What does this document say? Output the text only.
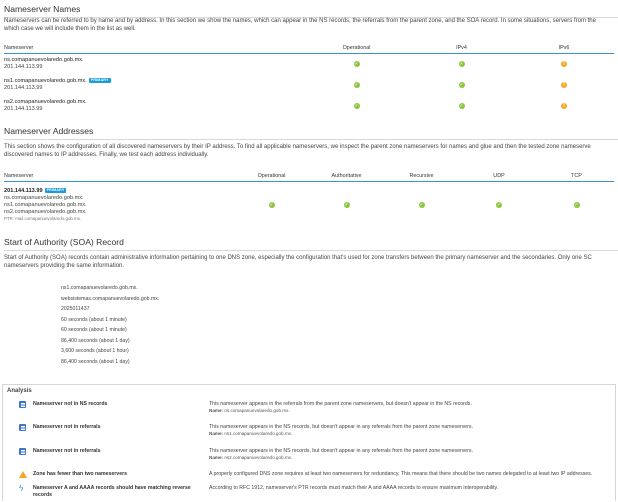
Nameserver Names
Nameservers can be referred to by name and by address. In this section we show the names, which can appear in the NS records, the referrals from the parent zone, and the SOA record. In some situations, servers from the
which case we will include them in the list as well.
Nameserver	Operational	IPv4	IPv6

ns.comapanuevolaredo.gob.mx.
201.144.113.99	✓	✓	!

ns1.comapanuevolaredo.gob.mx. PRIMARY
201.144.113.99	✓	✓	!

ns2.comapanuevolaredo.gob.mx.
201.144.113.99	✓	✓	!
Nameserver Addresses
This section shows the configuration of all discovered nameservers by their IP address. To find all applicable nameservers, we inspect the parent zone nameservers for names and glue and then the tested zone nameserve
discovered names to IP addresses. Finally, we test each address individually.
Nameserver	Operational	Authoritative	Recursive	UDP	TCP

201.144.113.99 PRIMARY
ns.comapanuevolaredo.gob.mx.
ns1.comapanuevolaredo.gob.mx.
ns2.comapanuevolaredo.gob.mx.
PTR: mail.comapanuevolaredo.gob.mx.	✓	✓	✓	✓	✓
Start of Authority (SOA) Record
Start of Authority (SOA) records contain administrative information pertaining to one DNS zone, especially the configuration that's used for zone transfers between the primary nameserver and the secondaries. Only one SC
nameservers providing the same information.
ns1.comapanuevolaredo.gob.mx.
websistemas.comapanuevolaredo.gob.mx.
2025011437
60 seconds (about 1 minute)
60 seconds (about 1 minute)
86,400 seconds (about 1 day)
3,600 seconds (about 1 hour)
86,400 seconds (about 1 day)
Analysis
Nameserver not in NS records	This nameserver appears in the referrals from the parent zone nameservers, but doesn't appear in the NS records.
Name: ns.comapanuevolaredo.gob.mx.
Nameserver not in referrals	This nameserver appears in the NS records, but doesn't appear in any referrals from the parent zone nameservers.
Name: ns1.comapanuevolaredo.gob.mx.
Nameserver not in referrals	This nameserver appears in the NS records, but doesn't appear in any referrals from the parent zone nameservers.
Name: ns2.comapanuevolaredo.gob.mx.
Zone has fewer than two nameservers	A properly configured DNS zone requires at least two nameservers for redundancy. This means that there should be two names delegated to at least two IP addresses.
ϟ	Nameserver A and AAAA records should have matching reverse records
According to RFC 1912, nameserver's PTR records must match their A and AAAA records to ensure maximum interoperability.
